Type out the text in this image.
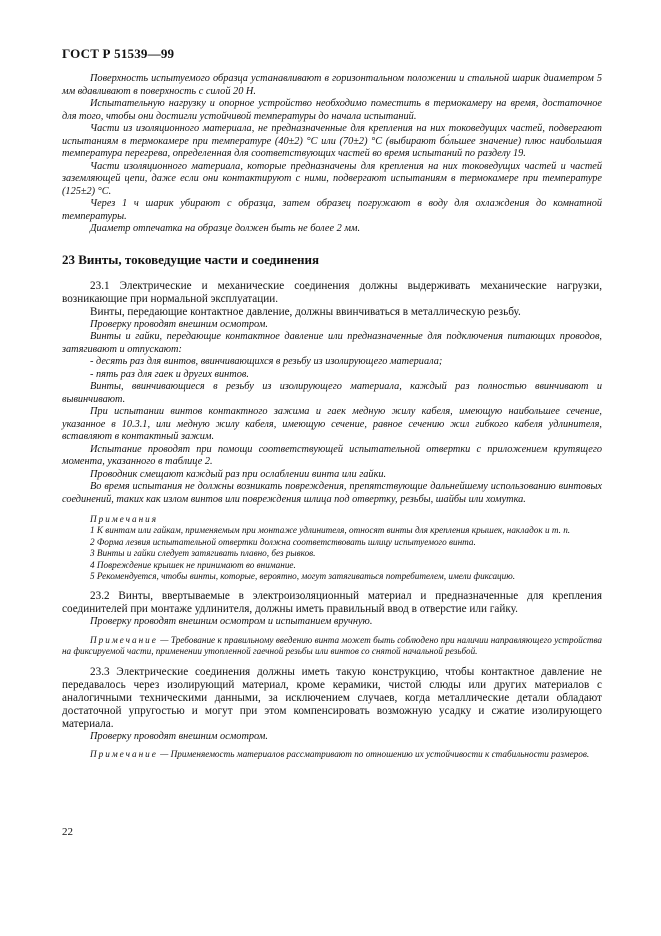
ГОСТ Р 51539—99

Поверхность испытуемого образца устанавливают в горизонтальном положении и стальной шарик диаметром 5 мм вдавливают в поверхность с силой 20 Н.

Испытательную нагрузку и опорное устройство необходимо поместить в термокамеру на время, достаточное для того, чтобы они достигли устойчивой температуры до начала испытаний.

Части из изоляционного материала, не предназначенные для крепления на них токоведущих частей, подвергают испытаниям в термокамере при температуре (40±2) °С или (70±2) °С (выбирают бо́льшее значение) плюс наибольшая температура перегрева, определенная для соответствующих частей во время испытаний по разделу 19.

Части изоляционного материала, которые предназначены для крепления на них токоведущих частей и частей заземляющей цепи, даже если они контактируют с ними, подвергают испытаниям в термокамере при температуре (125±2) °С.

Через 1 ч шарик убирают с образца, затем образец погружают в воду для охлаждения до комнатной температуры.

Диаметр отпечатка на образце должен быть не более 2 мм.

23 Винты, токоведущие части и соединения

23.1 Электрические и механические соединения должны выдерживать механические нагрузки, возникающие при нормальной эксплуатации.

Винты, передающие контактное давление, должны ввинчиваться в металлическую резьбу.

Проверку проводят внешним осмотром.

Винты и гайки, передающие контактное давление или предназначенные для подключения питающих проводов, затягивают и отпускают:

- десять раз для винтов, ввинчивающихся в резьбу из изолирующего материала;

- пять раз для гаек и других винтов.

Винты, ввинчивающиеся в резьбу из изолирующего материала, каждый раз полностью ввинчивают и вывинчивают.

При испытании винтов контактного зажима и гаек медную жилу кабеля, имеющую наибольшее сечение, указанное в 10.3.1, или медную жилу кабеля, имеющую сечение, равное сечению жил гибкого кабеля удлинителя, вставляют в контактный зажим.

Испытание проводят при помощи соответствующей испытательной отвертки с приложением крутящего момента, указанного в таблице 2.

Проводник смещают каждый раз при ослаблении винта или гайки.

Во время испытания не должны возникать повреждения, препятствующие дальнейшему использованию винтовых соединений, таких как излом винтов или повреждения шлица под отвертку, резьбы, шайбы или хомутка.

Примечания

1 К винтам или гайкам, применяемым при монтаже удлинителя, относят винты для крепления крышек, накладок и т. п.

2 Форма лезвия испытательной отвертки должна соответствовать шлицу испытуемого винта.

3 Винты и гайки следует затягивать плавно, без рывков.

4 Повреждение крышек не принимают во внимание.

5 Рекомендуется, чтобы винты, которые, вероятно, могут затягиваться потребителем, имели фиксацию.

23.2 Винты, ввертываемые в электроизоляционный материал и предназначенные для крепления соединителей при монтаже удлинителя, должны иметь правильный ввод в отверстие или гайку.

Проверку проводят внешним осмотром и испытанием вручную.

Примечание — Требование к правильному введению винта может быть соблюдено при наличии направляющего устройства на фиксируемой части, применении утопленной гаечной резьбы или винтов со снятой начальной резьбой.

23.3 Электрические соединения должны иметь такую конструкцию, чтобы контактное давление не передавалось через изолирующий материал, кроме керамики, чистой слюды или других материалов с аналогичными техническими данными, за исключением случаев, когда металлические детали обладают достаточной упругостью и могут при этом компенсировать возможную усадку и сжатие изолирующего материала.

Проверку проводят внешним осмотром.

Примечание — Применяемость материалов рассматривают по отношению их устойчивости к стабильности размеров.

22
